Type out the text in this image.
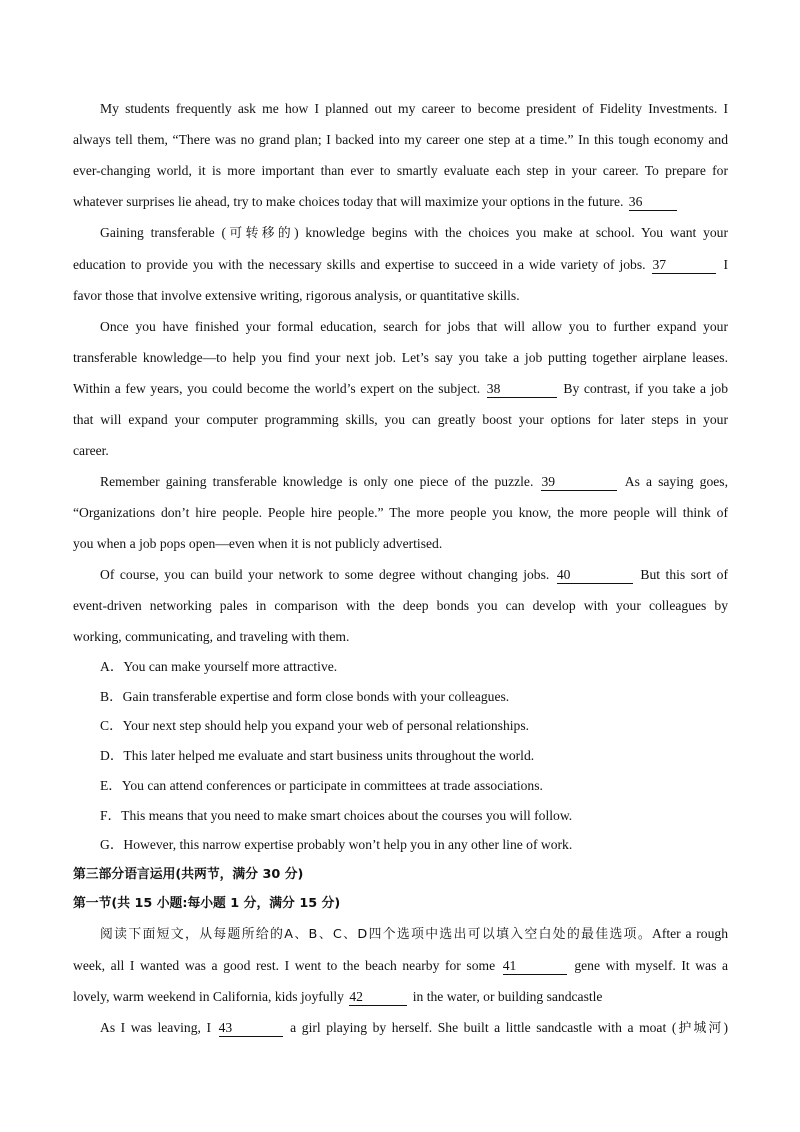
My students frequently ask me how I planned out my career to become president of Fidelity Investments. I
always tell them, “There was no grand plan; I backed into my career one step at a time.” In this tough economy and
ever-changing world, it is more important than ever to smartly evaluate each step in your career. To prepare for
whatever surprises lie ahead, try to make choices today that will maximize your options in the future. 36
Gaining transferable (可转移的) knowledge begins with the choices you make at school. You want your
education to provide you with the necessary skills and expertise to succeed in a wide variety of jobs. 37	I
favor those that involve extensive writing, rigorous analysis, or quantitative skills.
Once you have finished your formal education, search for jobs that will allow you to further expand your
transferable knowledge—to help you find your next job. Let’s say you take a job putting together airplane leases.
Within a few years, you could become the world’s expert on the subject. 38	By contrast, if you take a job
that will expand your computer programming skills, you can greatly boost your options for later steps in your
career.
Remember gaining transferable knowledge is only one piece of the puzzle. 39	As a saying goes,
“Organizations don’t hire people. People hire people.” The more people you know, the more people will think of
you when a job pops open—even when it is not publicly advertised.
Of course, you can build your network to some degree without changing jobs. 40	But this sort of
event-driven networking pales in comparison with the deep bonds you can develop with your colleagues by
working, communicating, and traveling with them.

A．You can make yourself more attractive.

B．Gain transferable expertise and form close bonds with your colleagues.

C．Your next step should help you expand your web of personal relationships.

D．This later helped me evaluate and start business units throughout the world.

E．You can attend conferences or participate in committees at trade associations.

F．This means that you need to make smart choices about the courses you will follow.

G．However, this narrow expertise probably won’t help you in any other line of work.

第三部分语言运用(共两节，满分 30 分)

第一节(共 15 小题:每小题 1 分，满分 15 分)

阅读下面短文，从每题所给的A、B、C、D四个选项中选出可以填入空白处的最佳选项。After a rough
week, all I wanted was a good rest. I went to the beach nearby for some 41	gene with myself. It was a
lovely, warm weekend in California, kids joyfully 42	in the water, or building sandcastle
As I was leaving, I 43	a girl playing by herself. She built a little sandcastle with a moat (护城河)
